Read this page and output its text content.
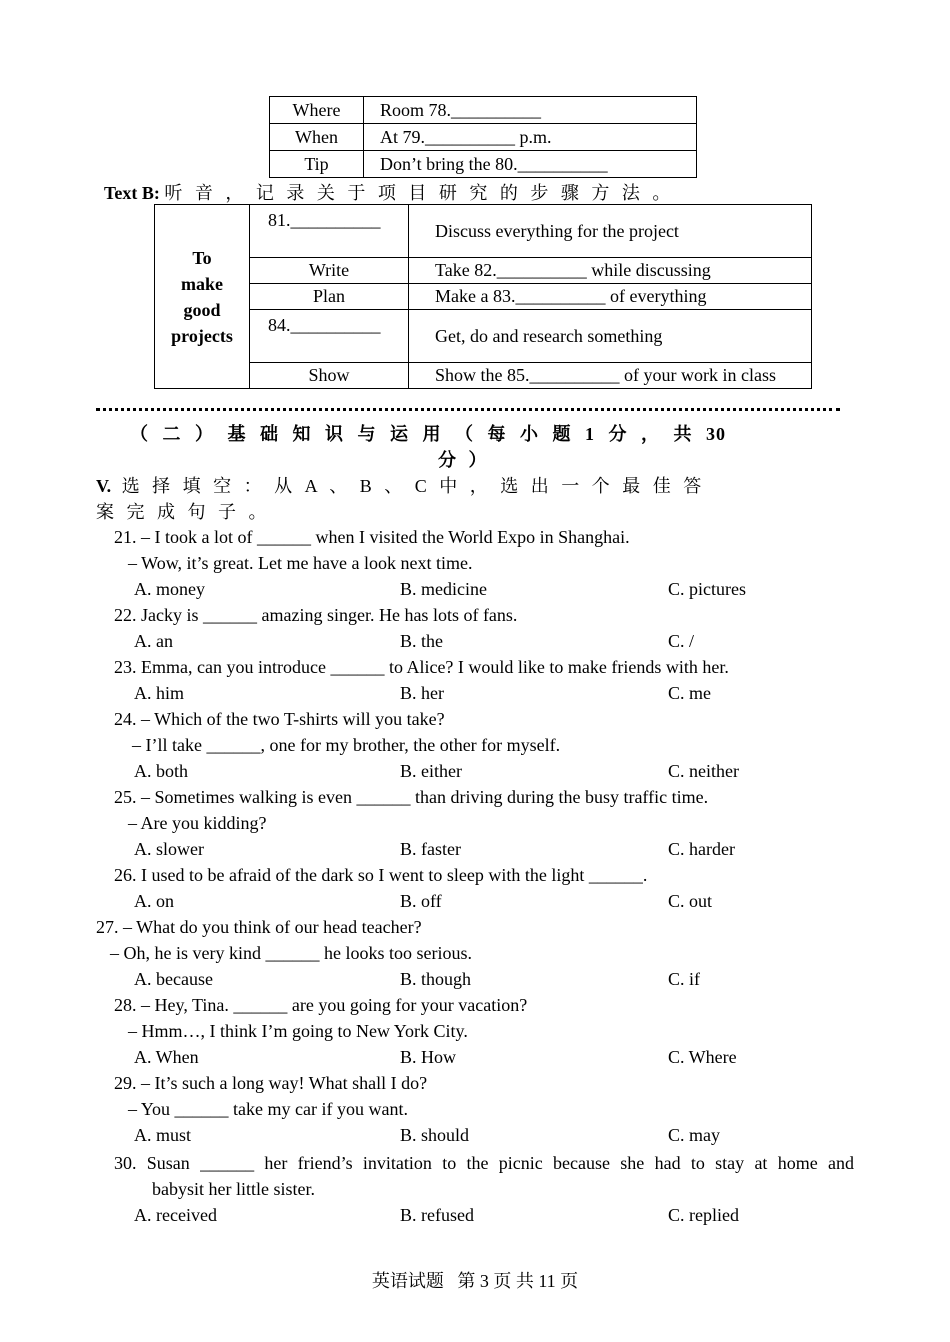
Where	Room 78.__________
When	At 79.__________ p.m.
Tip	Don’t bring the 80.__________
Text B: 听 音 ， 记 录 关 于 项 目 研 究 的 步 骤 方 法 。
To
make
good
projects	81.__________	Discuss everything for the project
	Write	Take 82.__________ while discussing
	Plan	Make a 83.__________ of everything
	84.__________	Get, do and research something
	Show	Show the 85.__________ of your work in class
（ 二 ） 基 础 知 识 与 运 用 （ 每 小 题 1 分 ， 共 30
分 ）
V. 选 择 填 空 ： 从 A 、 B 、 C 中 ， 选 出 一 个 最 佳 答
案 完 成 句 子 。
21. – I took a lot of ______ when I visited the World Expo in Shanghai.
– Wow, it’s great. Let me have a look next time.
A. money	B. medicine	C. pictures
22. Jacky is ______ amazing singer. He has lots of fans.
A. an	B. the	C. /
23. Emma, can you introduce ______ to Alice? I would like to make friends with her.
A. him	B. her	C. me
24. – Which of the two T-shirts will you take?
– I’ll take ______, one for my brother, the other for myself.
A. both	B. either	C. neither
25. – Sometimes walking is even ______ than driving during the busy traffic time.
– Are you kidding?
A. slower	B. faster	C. harder
26. I used to be afraid of the dark so I went to sleep with the light ______.
A. on	B. off	C. out
27. – What do you think of our head teacher?
– Oh, he is very kind ______ he looks too serious.
A. because	B. though	C. if
28. – Hey, Tina. ______ are you going for your vacation?
– Hmm…, I think I’m going to New York City.
A. When	B. How	C. Where
29. – It’s such a long way! What shall I do?
– You ______ take my car if you want.
A. must	B. should	C. may
30. Susan ______ her friend’s invitation to the picnic because she had to stay at home and
babysit her little sister.
A. received	B. refused	C. replied
英语试题   第 3 页 共 11 页
